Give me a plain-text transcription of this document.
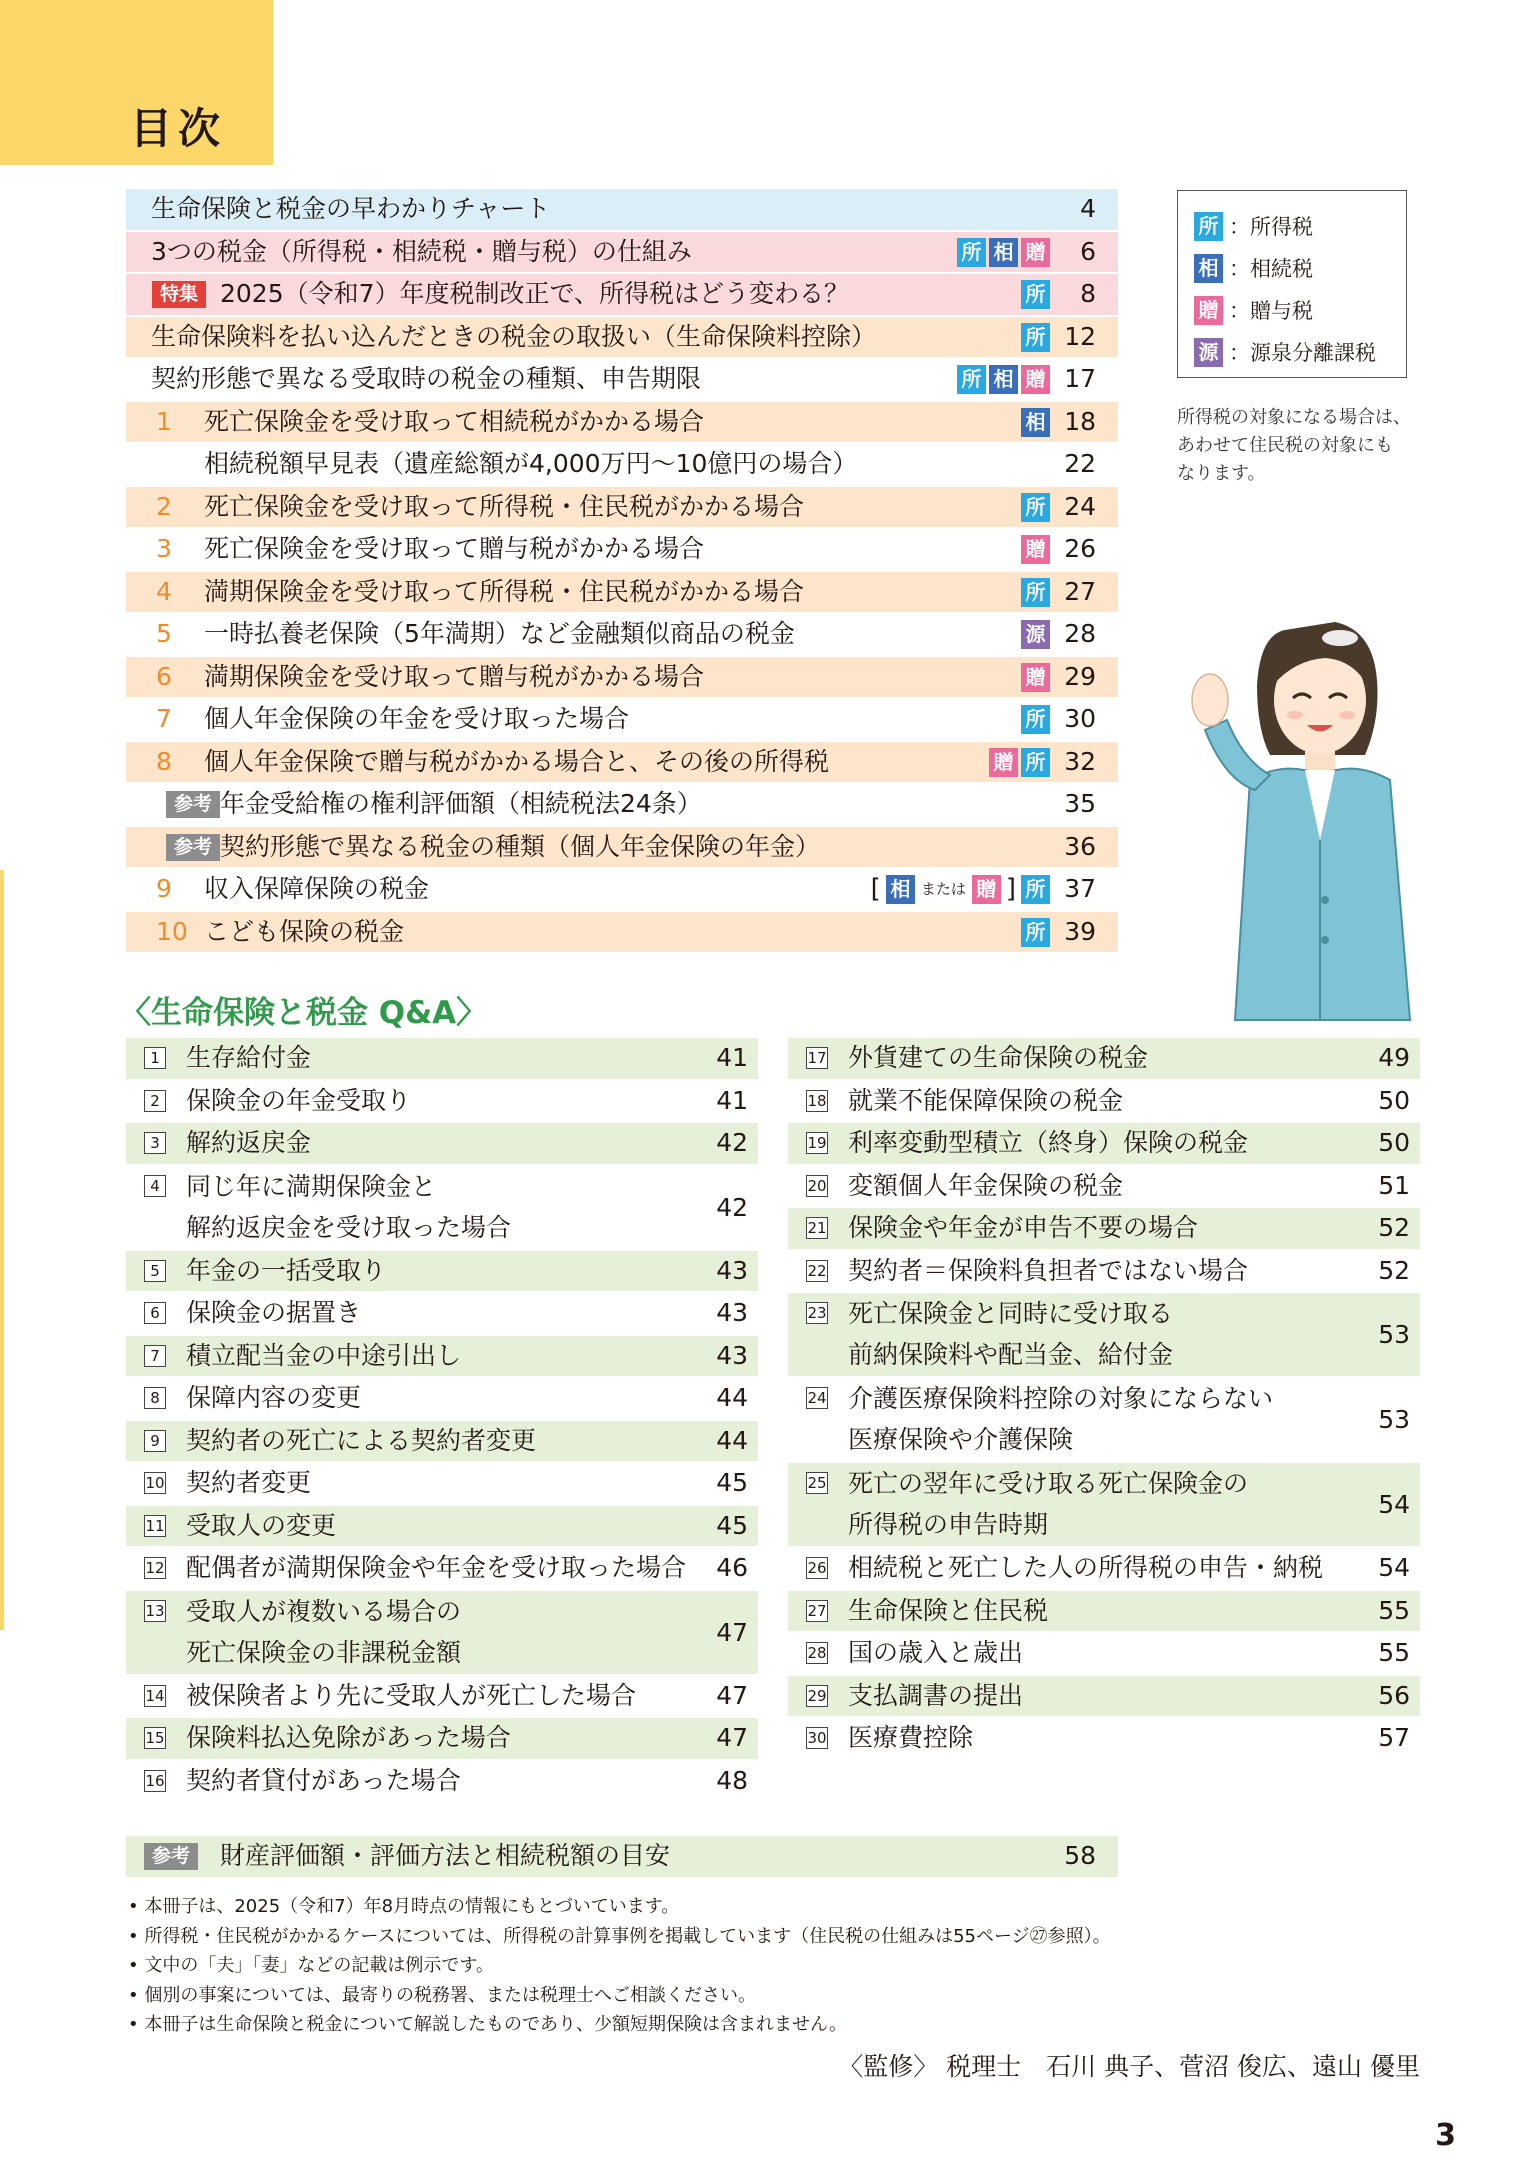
目次
生命保険と税金の早わかりチャート	4
3つの税金（所得税・相続税・贈与税）の仕組み	所 相 贈 6
特集 2025（令和7）年度税制改正で、所得税はどう変わる？	所 8
生命保険料を払い込んだときの税金の取扱い（生命保険料控除）	所 12
契約形態で異なる受取時の税金の種類、申告期限	所 相 贈 17
1	死亡保険金を受け取って相続税がかかる場合	相 18
相続税額早見表（遺産総額が4,000万円〜10億円の場合）	22
2	死亡保険金を受け取って所得税・住民税がかかる場合	所 24
3	死亡保険金を受け取って贈与税がかかる場合	贈 26
4	満期保険金を受け取って所得税・住民税がかかる場合	所 27
5	一時払養老保険（5年満期）など金融類似商品の税金	源 28
6	満期保険金を受け取って贈与税がかかる場合	贈 29
7	個人年金保険の年金を受け取った場合	所 30
8	個人年金保険で贈与税がかかる場合と、その後の所得税	贈 所 32
参考 年金受給権の権利評価額（相続税法24条）	35
参考 契約形態で異なる税金の種類（個人年金保険の年金）	36
9	収入保障保険の税金	[ 相 または 贈 ] 所 37
10 こども保険の税金	所 39
所 ：所得税
相 ：相続税
贈 ：贈与税
源 ：源泉分離課税
所得税の対象になる場合は、
あわせて住民税の対象にも
なります。
〈生命保険と税金 Q&A〉
1 生存給付金	41
2 保険金の年金受取り	41
3 解約返戻金	42
4 同じ年に満期保険金と
解約返戻金を受け取った場合
42
5 年金の一括受取り	43
6 保険金の据置き	43
7 積立配当金の中途引出し	43
8 保障内容の変更	44
9 契約者の死亡による契約者変更	44
10 契約者変更	45
11 受取人の変更	45
12 配偶者が満期保険金や年金を受け取った場合 46
13 受取人が複数いる場合の
死亡保険金の非課税金額
47
14 被保険者より先に受取人が死亡した場合	47
15 保険料払込免除があった場合	47
16 契約者貸付があった場合	48
17 外貨建ての生命保険の税金	49
18 就業不能保障保険の税金	50
19 利率変動型積立（終身）保険の税金	50
20 変額個人年金保険の税金	51
21 保険金や年金が申告不要の場合	52
22 契約者＝保険料負担者ではない場合	52
23 死亡保険金と同時に受け取る
前納保険料や配当金、給付金
53
24 介護医療保険料控除の対象にならない
医療保険や介護保険
53
25 死亡の翌年に受け取る死亡保険金の
所得税の申告時期
54
26 相続税と死亡した人の所得税の申告・納税 54
27 生命保険と住民税	55
28 国の歳入と歳出	55
29 支払調書の提出	56
30 医療費控除	57
参考	財産評価額・評価方法と相続税額の目安	58
• 本冊子は、2025（令和7）年8月時点の情報にもとづいています。
• 所得税・住民税がかかるケースについては、所得税の計算事例を掲載しています（住民税の仕組みは55ページ㉗参照）。
• 文中の「夫」「妻」などの記載は例示です。
• 個別の事案については、最寄りの税務署、または税理士へご相談ください。
• 本冊子は生命保険と税金について解説したものであり、少額短期保険は含まれません。
〈監修〉 税理士　石川 典子、菅沼 俊広、遠山 優里
3
